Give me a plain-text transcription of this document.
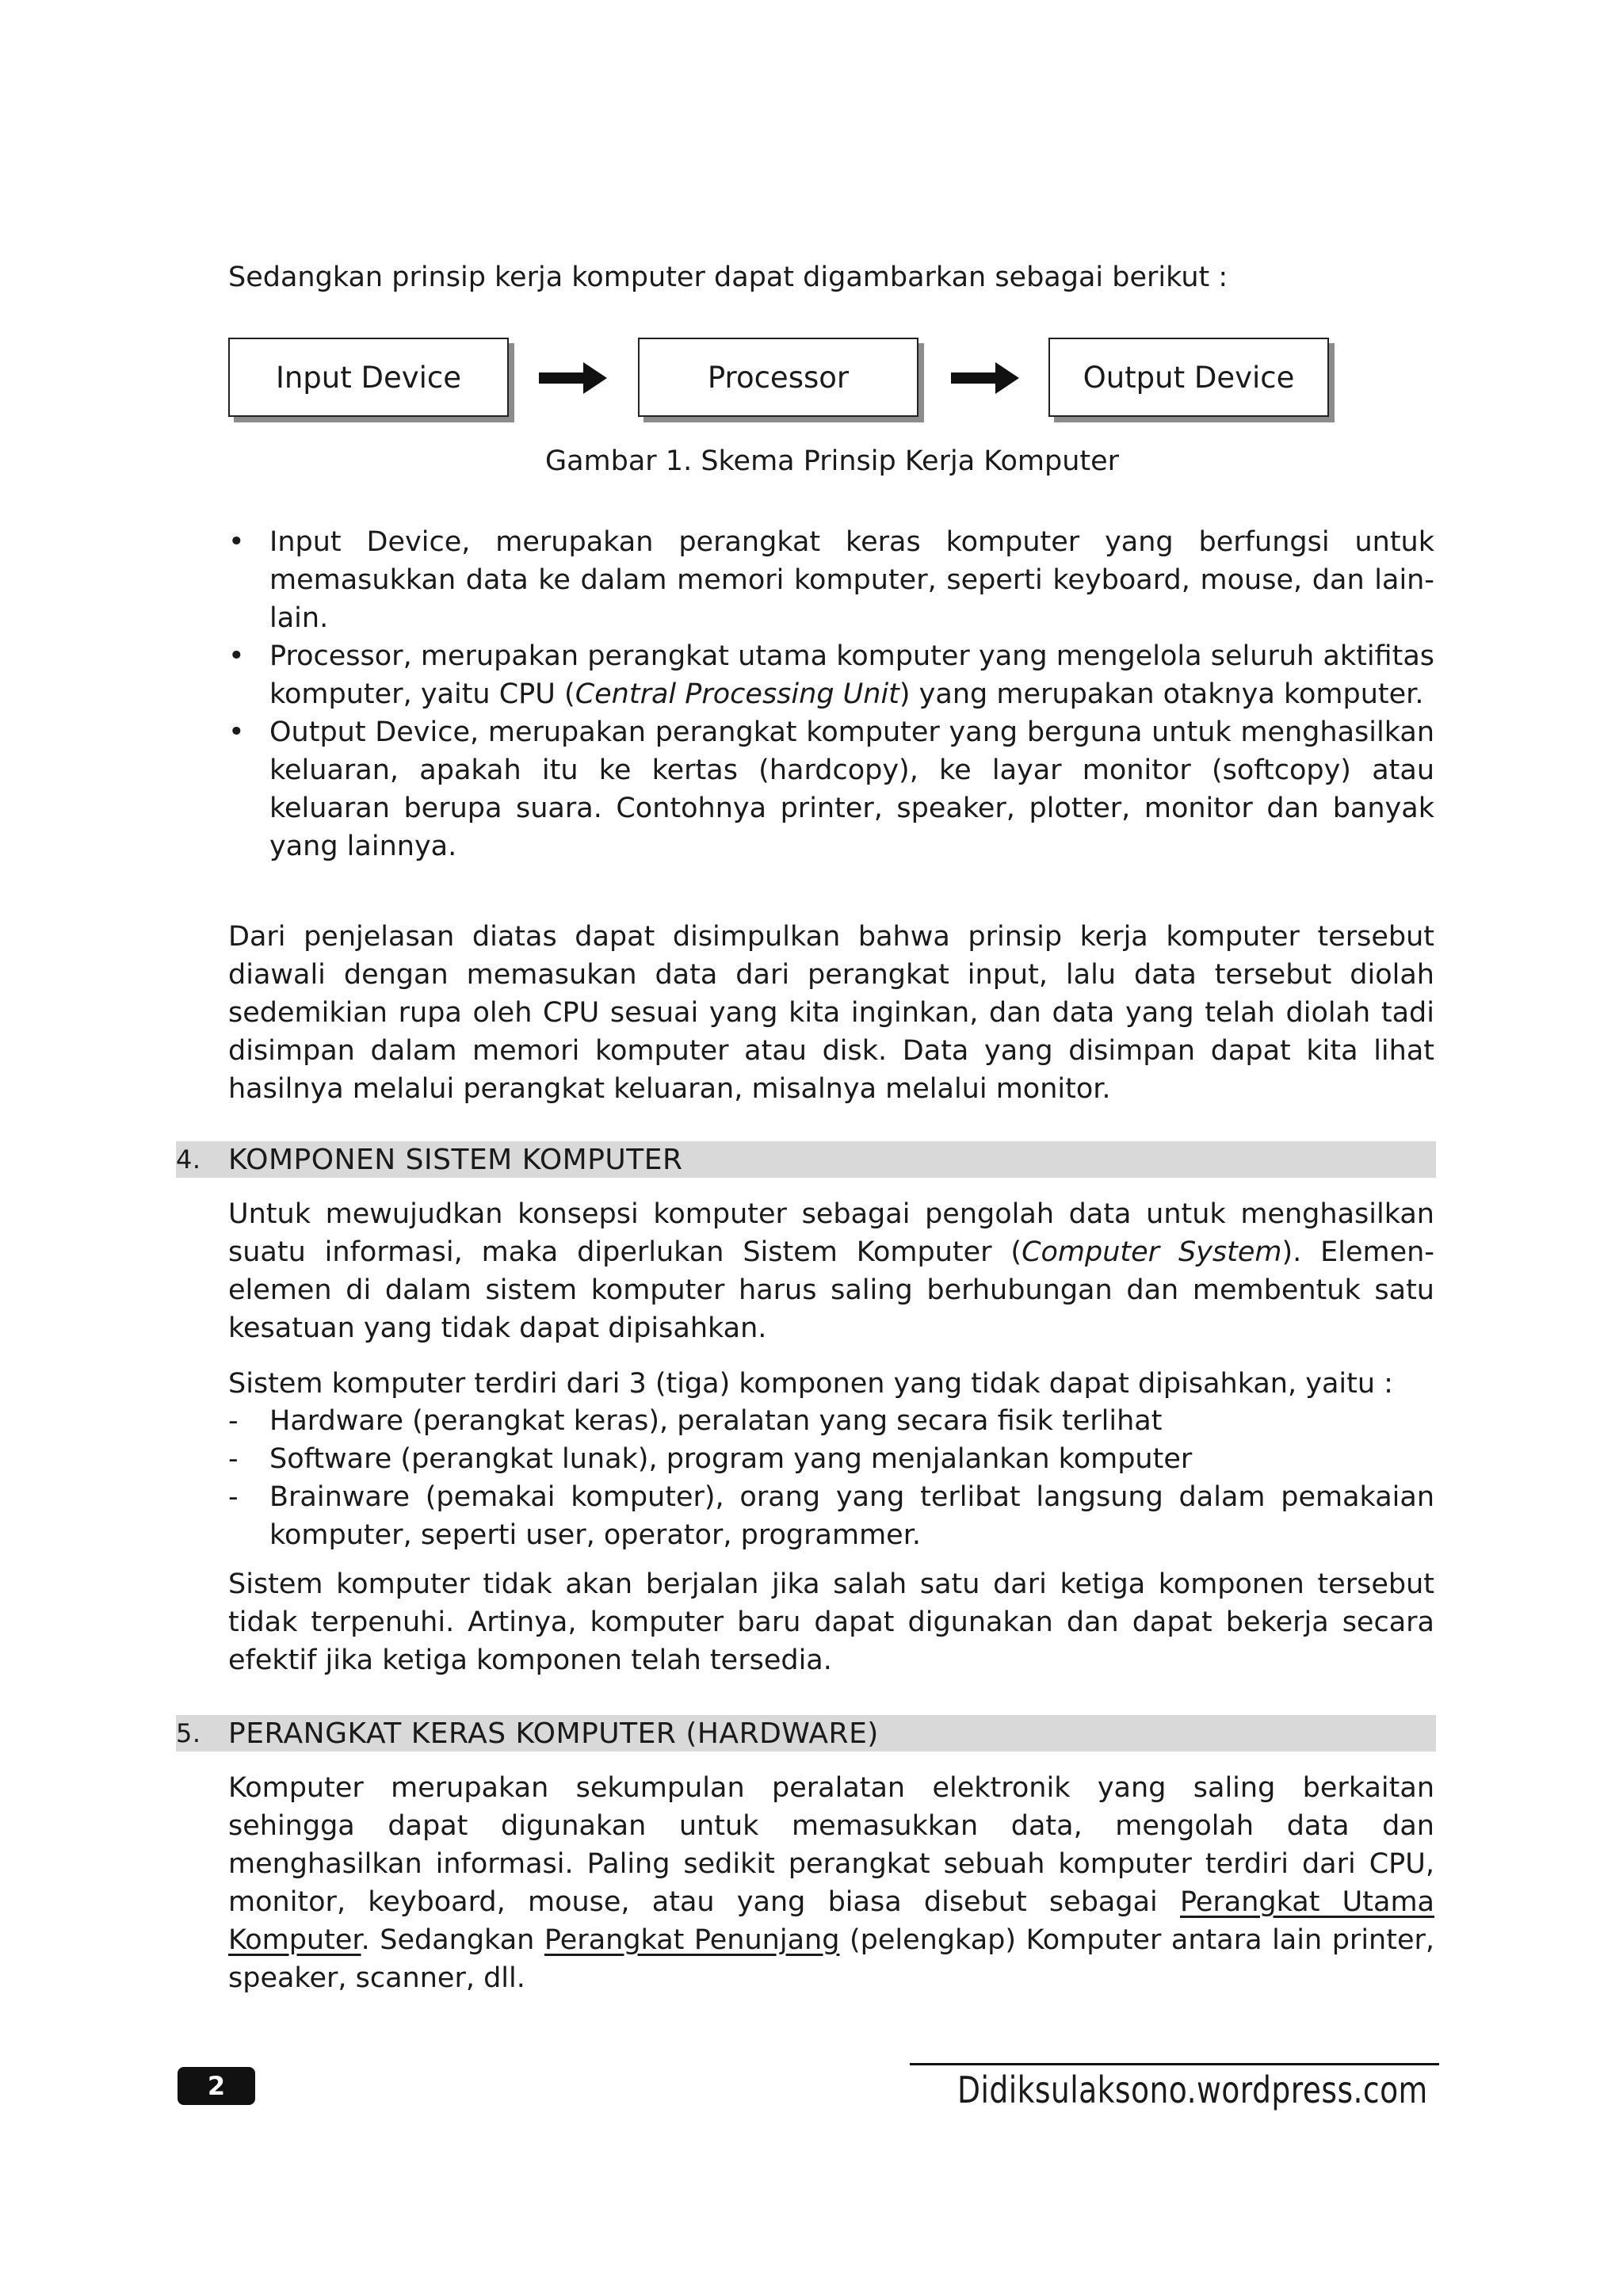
Sedangkan prinsip kerja komputer dapat digambarkan sebagai berikut :
Input Device	Processor	Output Device
Gambar 1. Skema Prinsip Kerja Komputer
• Input Device, merupakan perangkat keras komputer yang berfungsi untuk memasukkan data ke dalam memori komputer, seperti keyboard, mouse, dan lain-lain.
• Processor, merupakan perangkat utama komputer yang mengelola seluruh aktifitas komputer, yaitu CPU (Central Processing Unit) yang merupakan otaknya komputer.
• Output Device, merupakan perangkat komputer yang berguna untuk menghasilkan keluaran, apakah itu ke kertas (hardcopy), ke layar monitor (softcopy) atau keluaran berupa suara. Contohnya printer, speaker, plotter, monitor dan banyak yang lainnya.

Dari penjelasan diatas dapat disimpulkan bahwa prinsip kerja komputer tersebut diawali dengan memasukan data dari perangkat input, lalu data tersebut diolah sedemikian rupa oleh CPU sesuai yang kita inginkan, dan data yang telah diolah tadi disimpan dalam memori komputer atau disk. Data yang disimpan dapat kita lihat hasilnya melalui perangkat keluaran, misalnya melalui monitor.

4. KOMPONEN SISTEM KOMPUTER

Untuk mewujudkan konsepsi komputer sebagai pengolah data untuk menghasilkan suatu informasi, maka diperlukan Sistem Komputer (Computer System). Elemen-elemen di dalam sistem komputer harus saling berhubungan dan membentuk satu kesatuan yang tidak dapat dipisahkan.

Sistem komputer terdiri dari 3 (tiga) komponen yang tidak dapat dipisahkan, yaitu :

- Hardware (perangkat keras), peralatan yang secara fisik terlihat
- Software (perangkat lunak), program yang menjalankan komputer
- Brainware (pemakai komputer), orang yang terlibat langsung dalam pemakaian komputer, seperti user, operator, programmer.

Sistem komputer tidak akan berjalan jika salah satu dari ketiga komponen tersebut tidak terpenuhi. Artinya, komputer baru dapat digunakan dan dapat bekerja secara efektif jika ketiga komponen telah tersedia.

5. PERANGKAT KERAS KOMPUTER (HARDWARE)

Komputer merupakan sekumpulan peralatan elektronik yang saling berkaitan sehingga dapat digunakan untuk memasukkan data, mengolah data dan menghasilkan informasi. Paling sedikit perangkat sebuah komputer terdiri dari CPU, monitor, keyboard, mouse, atau yang biasa disebut sebagai Perangkat Utama Komputer. Sedangkan Perangkat Penunjang (pelengkap) Komputer antara lain printer, speaker, scanner, dll.

2	Didiksulaksono.wordpress.com
